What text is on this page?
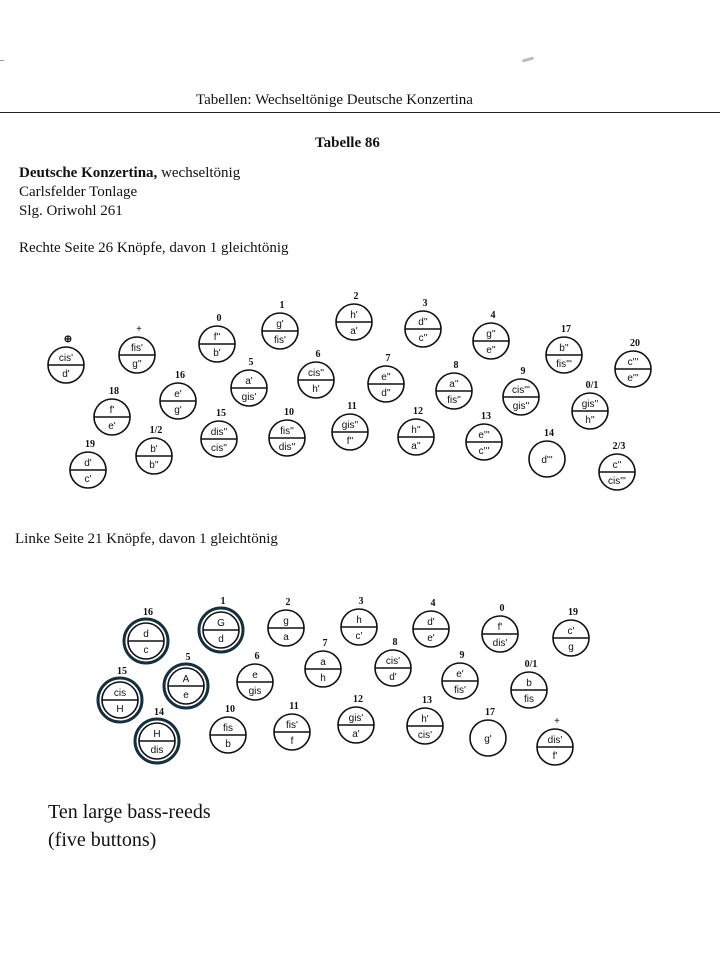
Tabellen: Wechseltönige Deutsche Konzertina
Tabelle 86
Deutsche Konzertina, wechseltönig
Carlsfelder Tonlage
Slg. Oriwohl 261
Rechte Seite 26 Knöpfe, davon 1 gleichtönig
Linke Seite 21 Knöpfe, davon 1 gleichtönig
Ten large bass-reeds
(five buttons)
cis'
d'
⊕
fis'
g''
+
f''
b'
0
g'
fis'
1
h'
a'
2
d''
c''
3
g''
e''
4
b''
fis'''
17
c'''
e'''
20
f'
e'
18	e'
g'
16
a'
gis'
5
cis''
h'
6
e''
d''
7
a''
fis''
8
cis'''
gis''
9
gis''
h''
0/1
d'
c'
19	b'
b''
1/2	dis''
cis''
15
fis''
dis''
10
gis''
f''
11
h''
a''
12
e'''
c'''
13
d'''
14
c''
cis'''
2/3
d
c
16
G
d
1
g
a
2
h
c'
3
d'
e'
4
f'
dis'
0
c'
g
19
cis
H
15
A
e
5
e
gis
6
a
h
7
cis'
d'
8
e'
fis'
9
b
fis
0/1
H
dis
14
fis
b
10
fis'
f
11
gis'
a'
12
h'
cis'
13
g'
17
dis'
f'
+
